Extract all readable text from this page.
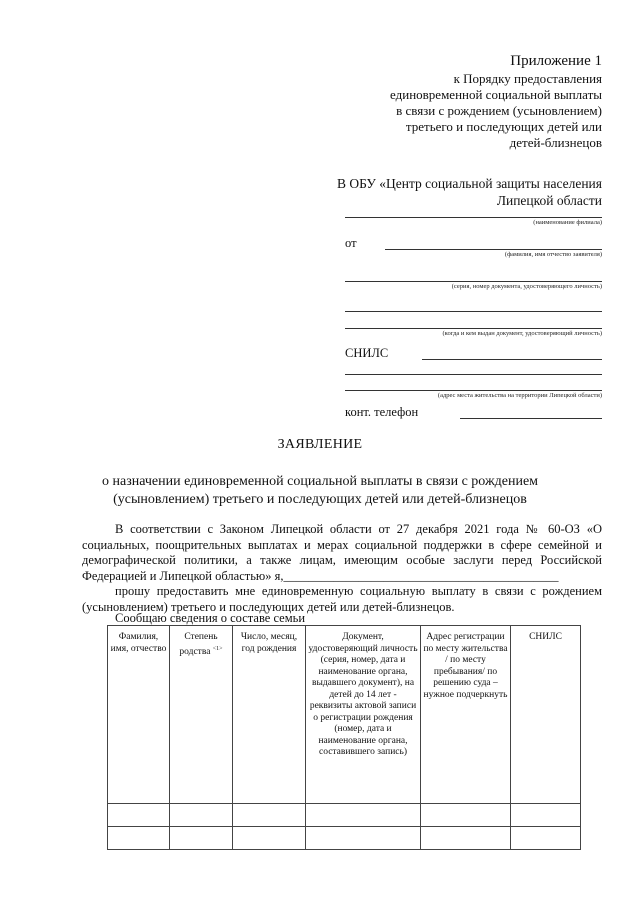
Приложение 1
к Порядку предоставления
единовременной социальной выплаты
в связи с рождением (усыновлением)
третьего и последующих детей или
детей-близнецов
В ОБУ «Центр социальной защиты населения
Липецкой области
(наименование филиала)
от
(фамилия, имя отчество заявителя)
(серия, номер документа, удостоверяющего личность)
(когда и кем выдан документ, удостоверяющий личность)
СНИЛС
(адрес места жительства на территории Липецкой области)
конт. телефон
ЗАЯВЛЕНИЕ
о назначении единовременной социальной выплаты в связи с рождением
(усыновлением) третьего и последующих детей или детей-близнецов
В соответствии с Законом Липецкой области от 27 декабря 2021 года № 60-ОЗ «О
социальных, поощрительных выплатах и мерах социальной поддержки в сфере семейной и
демографической политики, а также лицам, имеющим особые заслуги перед Российской
Федерацией и Липецкой областью» я,____________________________________________
прошу предоставить мне единовременную социальную выплату в связи с рождением
(усыновлением) третьего и последующих детей или детей-близнецов.
Сообщаю сведения о составе семьи
Фамилия, имя, отчество	Степень родства $^{<1>}$	Число, месяц, год рождения	Документ, удостоверяющий личность (серия, номер, дата и наименование органа, выдавшего документ), на детей до 14 лет - реквизиты актовой записи о регистрации рождения (номер, дата и наименование органа, составившего запись)	Адрес регистрации по месту жительства / по месту пребывания/ по решению суда – нужное подчеркнуть	СНИЛС
